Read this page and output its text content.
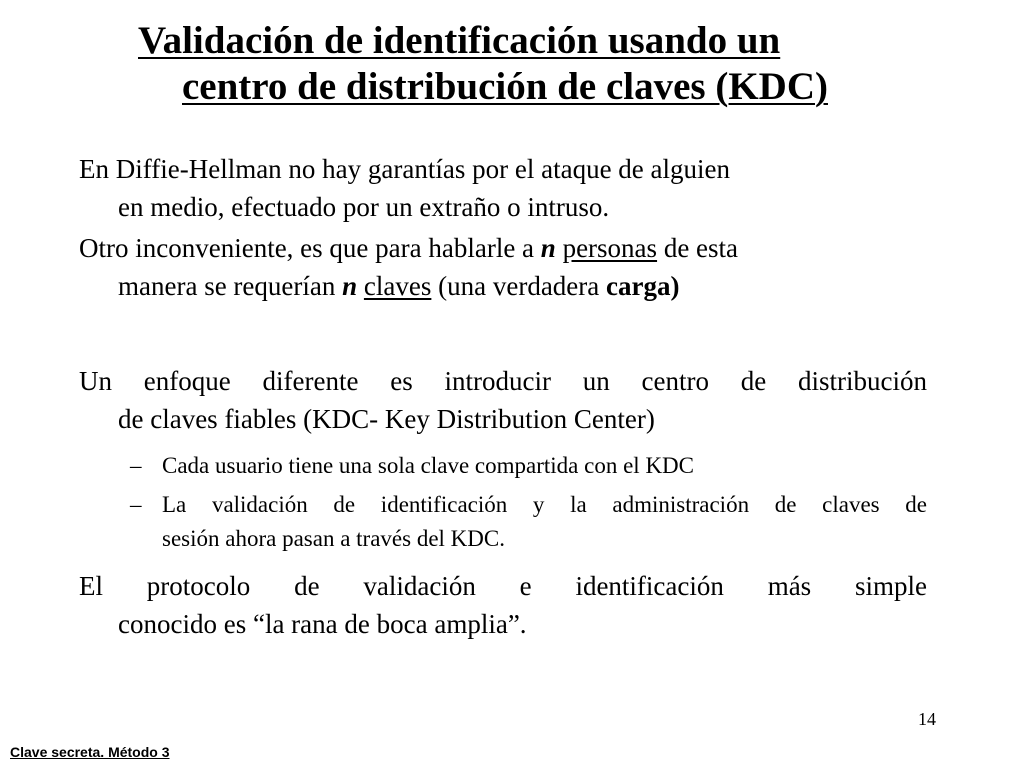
Validación de identificación usando un
centro de distribución de claves (KDC)
En Diffie-Hellman no hay garantías por el ataque de alguien
en medio, efectuado por un extraño o intruso.
Otro inconveniente, es que para hablarle a n personas de esta
manera se requerían n claves (una verdadera carga)
Un enfoque diferente es introducir un centro de distribución
de claves fiables (KDC- Key Distribution Center)
– Cada usuario tiene una sola clave compartida con el KDC
– La validación de identificación y la administración de claves de
sesión ahora pasan a través del KDC.
El protocolo de validación e identificación más simple
conocido es “la rana de boca amplia”.
14
Clave secreta. Método 3
